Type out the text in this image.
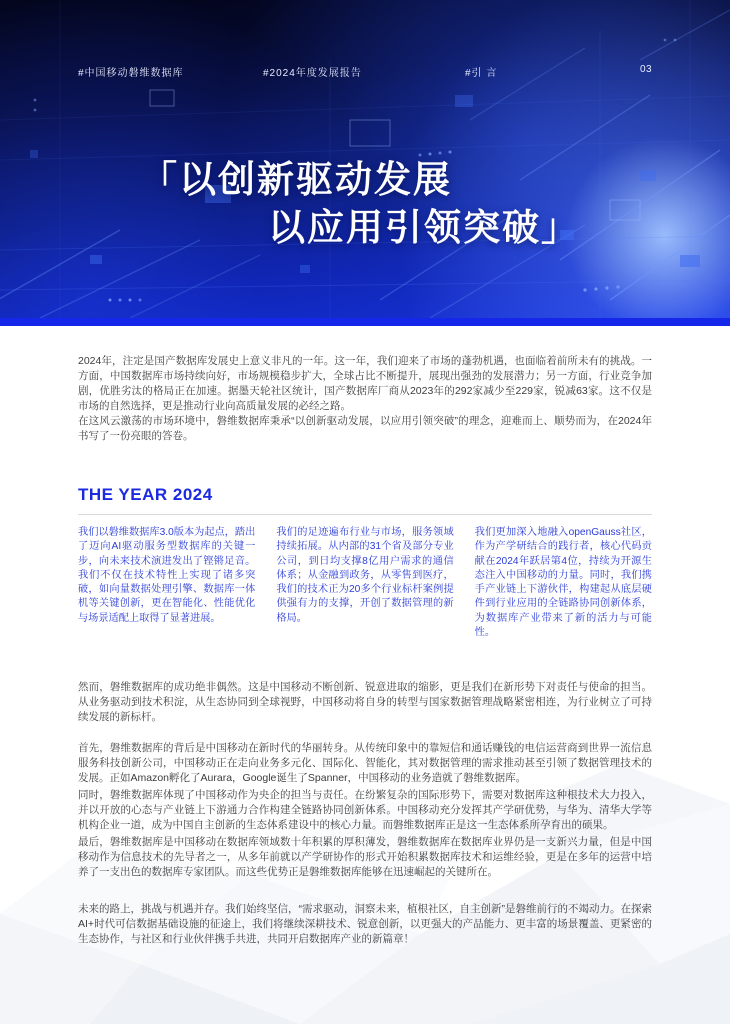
#中国移动磐维数据库	#2024年度发展报告	#引 言	03
「以创新驱动发展
以应用引领突破」

2024年，注定是国产数据库发展史上意义非凡的一年。这一年，我们迎来了市场的蓬勃机遇，也面临着前所未有的挑战。一方面，中国数据库市场持续向好，市场规模稳步扩大，全球占比不断提升，展现出强劲的发展潜力；另一方面，行业竞争加剧，优胜劣汰的格局正在加速。据墨天轮社区统计，国产数据库厂商从2023年的292家减少至229家，锐减63家。这不仅是市场的自然选择，更是推动行业向高质量发展的必经之路。

在这风云激荡的市场环境中，磐维数据库秉承“以创新驱动发展，以应用引领突破”的理念，迎难而上、顺势而为，在2024年书写了一份亮眼的答卷。

THE YEAR 2024
我们以磐维数据库3.0版本为起点，踏出了迈向AI驱动服务型数据库的关键一步，向未来技术演进发出了铿锵足音。我们不仅在技术特性上实现了诸多突破，如向量数据处理引擎、数据库一体机等关键创新，更在智能化、性能优化与场景适配上取得了显著进展。
我们的足迹遍布行业与市场，服务领域持续拓展。从内部的31个省及部分专业公司，到日均支撑8亿用户需求的通信体系；从金融到政务，从零售到医疗，我们的技术正为20多个行业标杆案例提供强有力的支撑，开创了数据管理的新格局。
我们更加深入地融入openGauss社区，作为产学研结合的践行者，核心代码贡献在2024年跃居第4位，持续为开源生态注入中国移动的力量。同时，我们携手产业链上下游伙伴，构建起从底层硬件到行业应用的全链路协同创新体系，为数据库产业带来了新的活力与可能性。

然而，磐维数据库的成功绝非偶然。这是中国移动不断创新、锐意进取的缩影，更是我们在新形势下对责任与使命的担当。从业务驱动到技术积淀，从生态协同到全球视野，中国移动将自身的转型与国家数据管理战略紧密相连，为行业树立了可持续发展的新标杆。

首先，磐维数据库的背后是中国移动在新时代的华丽转身。从传统印象中的靠短信和通话赚钱的电信运营商到世界一流信息服务科技创新公司，中国移动正在走向业务多元化、国际化、智能化，其对数据管理的需求推动甚至引领了数据管理技术的发展。正如Amazon孵化了Aurara，Google诞生了Spanner，中国移动的业务造就了磐维数据库。

同时，磐维数据库体现了中国移动作为央企的担当与责任。在纷繁复杂的国际形势下，需要对数据库这种根技术大力投入，并以开放的心态与产业链上下游通力合作构建全链路协同创新体系。中国移动充分发挥其产学研优势，与华为、清华大学等机构企业一道，成为中国自主创新的生态体系建设中的核心力量。而磐维数据库正是这一生态体系所孕育出的硕果。

最后，磐维数据库是中国移动在数据库领域数十年积累的厚积薄发，磐维数据库在数据库业界仍是一支新兴力量，但是中国移动作为信息技术的先导者之一，从多年前就以产学研协作的形式开始积累数据库技术和运维经验，更是在多年的运营中培养了一支出色的数据库专家团队。而这些优势正是磐维数据库能够在迅速崛起的关键所在。

未来的路上，挑战与机遇并存。我们始终坚信，“需求驱动，洞察未来，植根社区，自主创新”是磐维前行的不竭动力。在探索AI+时代可信数据基础设施的征途上，我们将继续深耕技术、锐意创新，以更强大的产品能力、更丰富的场景覆盖、更紧密的生态协作，与社区和行业伙伴携手共进，共同开启数据库产业的新篇章！
